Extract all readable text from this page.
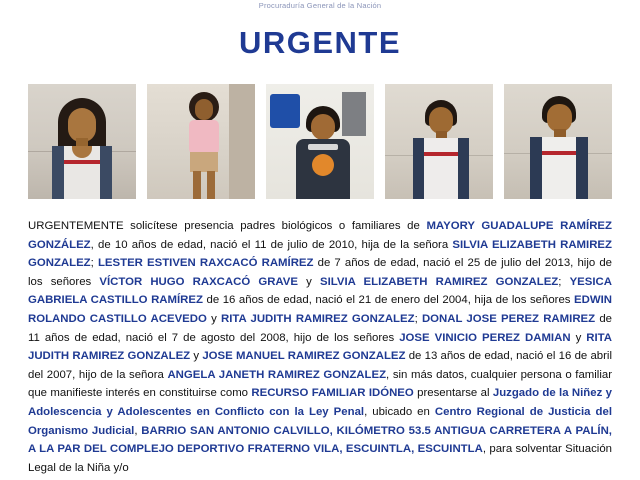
Procuraduría General de la Nación
URGENTE
URGENTEMENTE solicítese presencia padres biológicos o familiares de MAYORY GUADALUPE RAMÍREZ GONZÁLEZ, de 10 años de edad, nació el 11 de julio de 2010, hija de la señora SILVIA ELIZABETH RAMIREZ GONZALEZ; LESTER ESTIVEN RAXCACÓ RAMÍREZ de 7 años de edad, nació el 25 de julio del 2013, hijo de los señores VÍCTOR HUGO RAXCACÓ GRAVE y SILVIA ELIZABETH RAMIREZ GONZALEZ; YESICA GABRIELA CASTILLO RAMÍREZ de 16 años de edad, nació el 21 de enero del 2004, hija de los señores EDWIN ROLANDO CASTILLO ACEVEDO y RITA JUDITH RAMIREZ GONZALEZ; DONAL JOSE PEREZ RAMIREZ de 11 años de edad, nació el 7 de agosto del 2008, hijo de los señores JOSE VINICIO PEREZ DAMIAN y RITA JUDITH RAMIREZ GONZALEZ y JOSE MANUEL RAMIREZ GONZALEZ de 13 años de edad, nació el 16 de abril del 2007, hijo de la señora ANGELA JANETH RAMIREZ GONZALEZ, sin más datos, cualquier persona o familiar que manifieste interés en constituirse como RECURSO FAMILIAR IDÓNEO presentarse al Juzgado de la Niñez y Adolescencia y Adolescentes en Conflicto con la Ley Penal, ubicado en Centro Regional de Justicia del Organismo Judicial, BARRIO SAN ANTONIO CALVILLO, KILÓMETRO 53.5 ANTIGUA CARRETERA A PALÍN, A LA PAR DEL COMPLEJO DEPORTIVO FRATERNO VILA, ESCUINTLA, ESCUINTLA, para solventar Situación Legal de la Niña y/o
